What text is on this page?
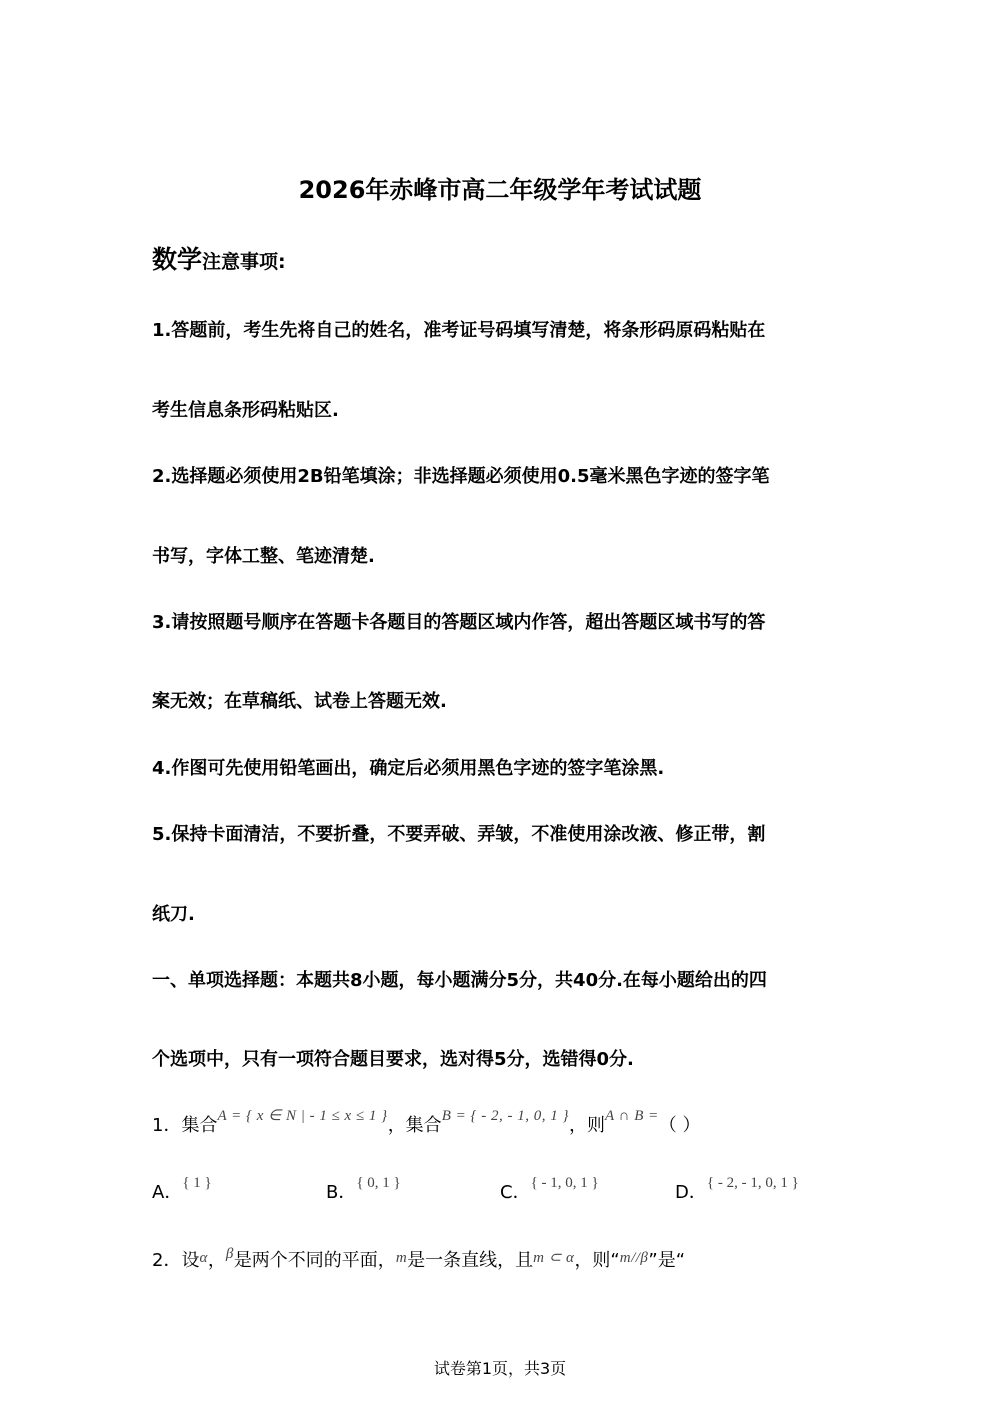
2026年赤峰市高二年级学年考试试题
数学注意事项:
1.答题前，考生先将自己的姓名，准考证号码填写清楚，将条形码原码粘贴在
考生信息条形码粘贴区.
2.选择题必须使用2B铅笔填涂；非选择题必须使用0.5毫米黑色字迹的签字笔
书写，字体工整、笔迹清楚.
3.请按照题号顺序在答题卡各题目的答题区域内作答，超出答题区域书写的答
案无效；在草稿纸、试卷上答题无效.
4.作图可先使用铅笔画出，确定后必须用黑色字迹的签字笔涂黑.
5.保持卡面清洁，不要折叠，不要弄破、弄皱，不准使用涂改液、修正带，割
纸刀.
一、单项选择题：本题共8小题，每小题满分5分，共40分.在每小题给出的四
个选项中，只有一项符合题目要求，选对得5分，选错得0分.
1．集合$^{A = \{ x \in N | - 1 \le x \le 1 \}}$，集合$^{B = \{ - 2, - 1, 0, 1 \}}$，则$^{A \cap B =}$（ ）
A．$^{\{ 1 \}}$	B．$^{\{ 0, 1 \}}$	C．$^{\{ - 1, 0, 1 \}}$	D．$^{\{ - 2, - 1, 0, 1 \}}$
2．设$^\alpha$，$^\beta$是两个不同的平面，$^m$是一条直线，且$^{m \subset \alpha}$，则“$^{m//\beta}$”是“
试卷第1页，共3页
